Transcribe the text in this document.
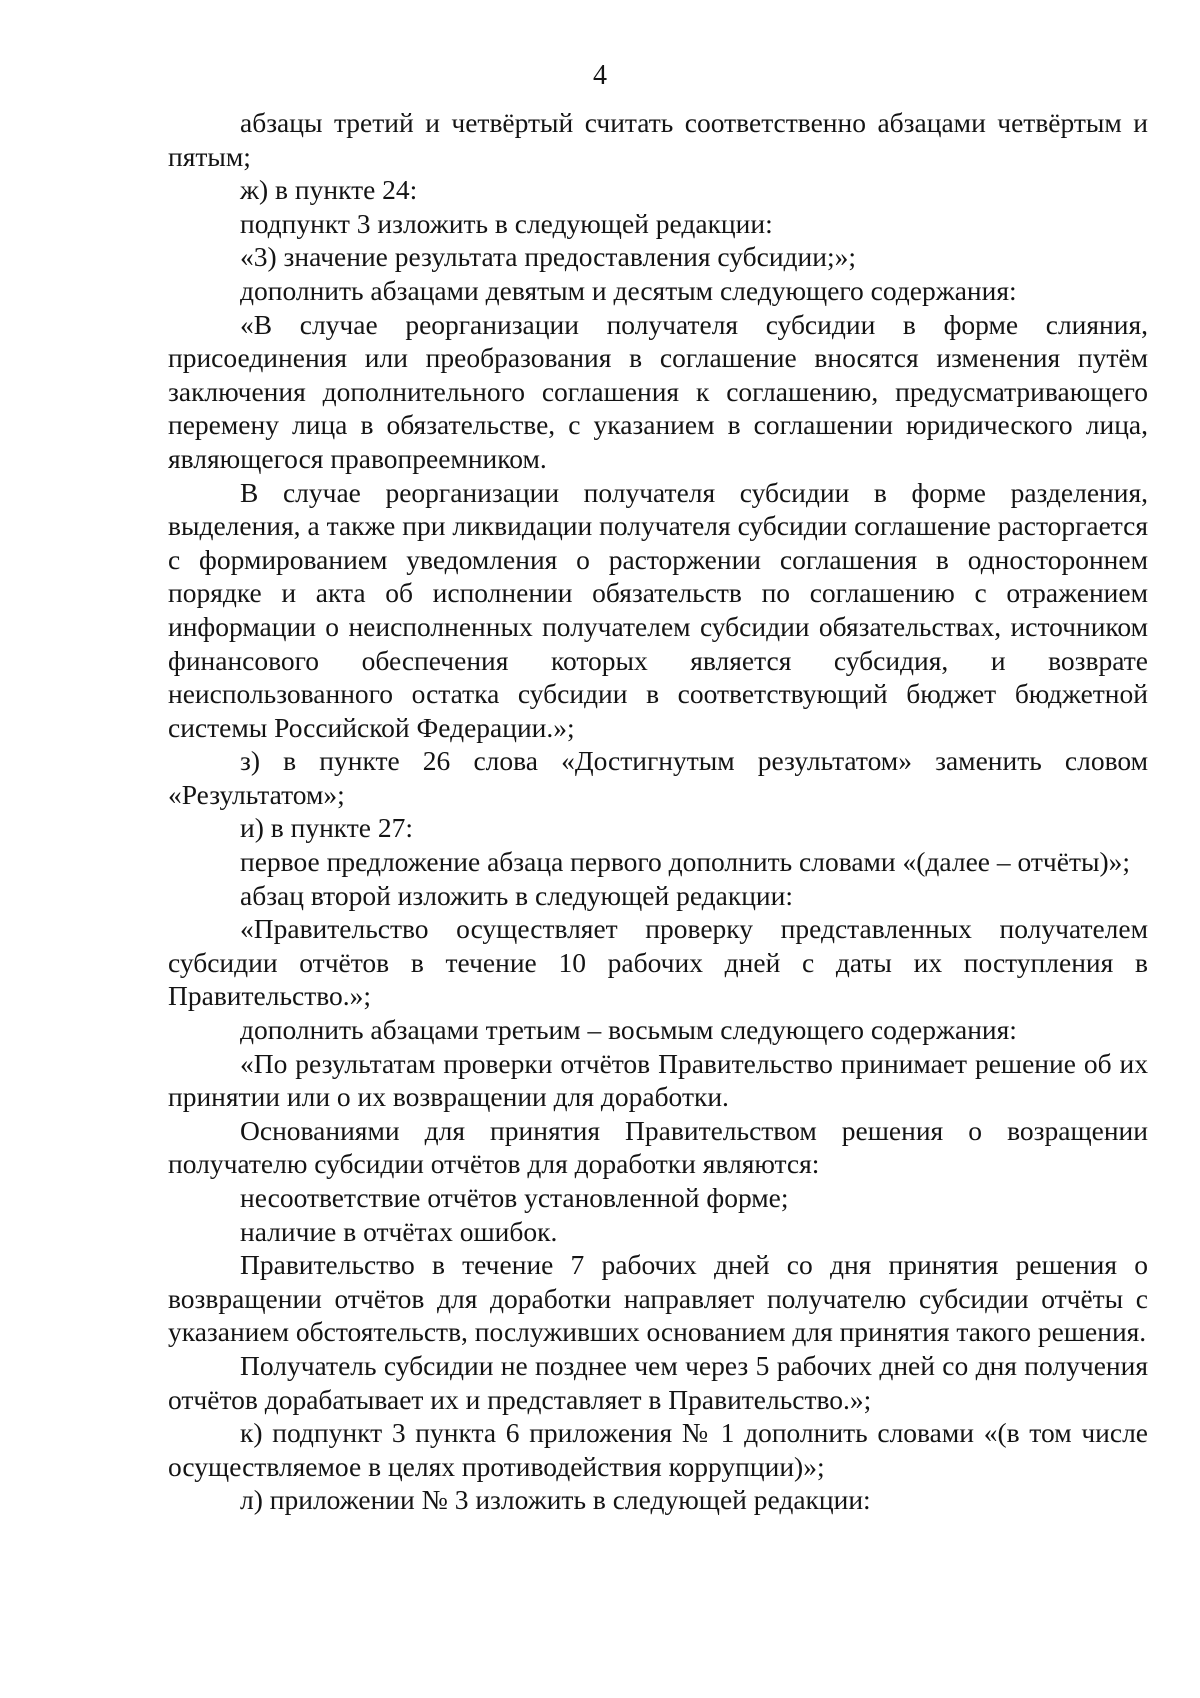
4

абзацы третий и четвёртый считать соответственно абзацами четвёртым и пятым;

ж) в пункте 24:

подпункт 3 изложить в следующей редакции:

«3) значение результата предоставления субсидии;»;

дополнить абзацами девятым и десятым следующего содержания:

«В случае реорганизации получателя субсидии в форме слияния, присоединения или преобразования в соглашение вносятся изменения путём заключения дополнительного соглашения к соглашению, предусматривающего перемену лица в обязательстве, с указанием в соглашении юридического лица, являющегося правопреемником.

В случае реорганизации получателя субсидии в форме разделения, выделения, а также при ликвидации получателя субсидии соглашение расторгается с формированием уведомления о расторжении соглашения в одностороннем порядке и акта об исполнении обязательств по соглашению с отражением информации о неисполненных получателем субсидии обязательствах, источником финансового обеспечения которых является субсидия, и возврате неиспользованного остатка субсидии в соответствующий бюджет бюджетной системы Российской Федерации.»;

з) в пункте 26 слова «Достигнутым результатом» заменить словом «Результатом»;

и) в пункте 27:

первое предложение абзаца первого дополнить словами «(далее – отчёты)»;

абзац второй изложить в следующей редакции:

«Правительство осуществляет проверку представленных получателем субсидии отчётов в течение 10 рабочих дней с даты их поступления в Правительство.»;

дополнить абзацами третьим – восьмым следующего содержания:

«По результатам проверки отчётов Правительство принимает решение об их принятии или о их возвращении для доработки.

Основаниями для принятия Правительством решения о возращении получателю субсидии отчётов для доработки являются:

несоответствие отчётов установленной форме;

наличие в отчётах ошибок.

Правительство в течение 7 рабочих дней со дня принятия решения о возвращении отчётов для доработки направляет получателю субсидии отчёты с указанием обстоятельств, послуживших основанием для принятия такого решения.

Получатель субсидии не позднее чем через 5 рабочих дней со дня получения отчётов дорабатывает их и представляет в Правительство.»;

к) подпункт 3 пункта 6 приложения № 1 дополнить словами «(в том числе осуществляемое в целях противодействия коррупции)»;

л) приложении № 3 изложить в следующей редакции:
